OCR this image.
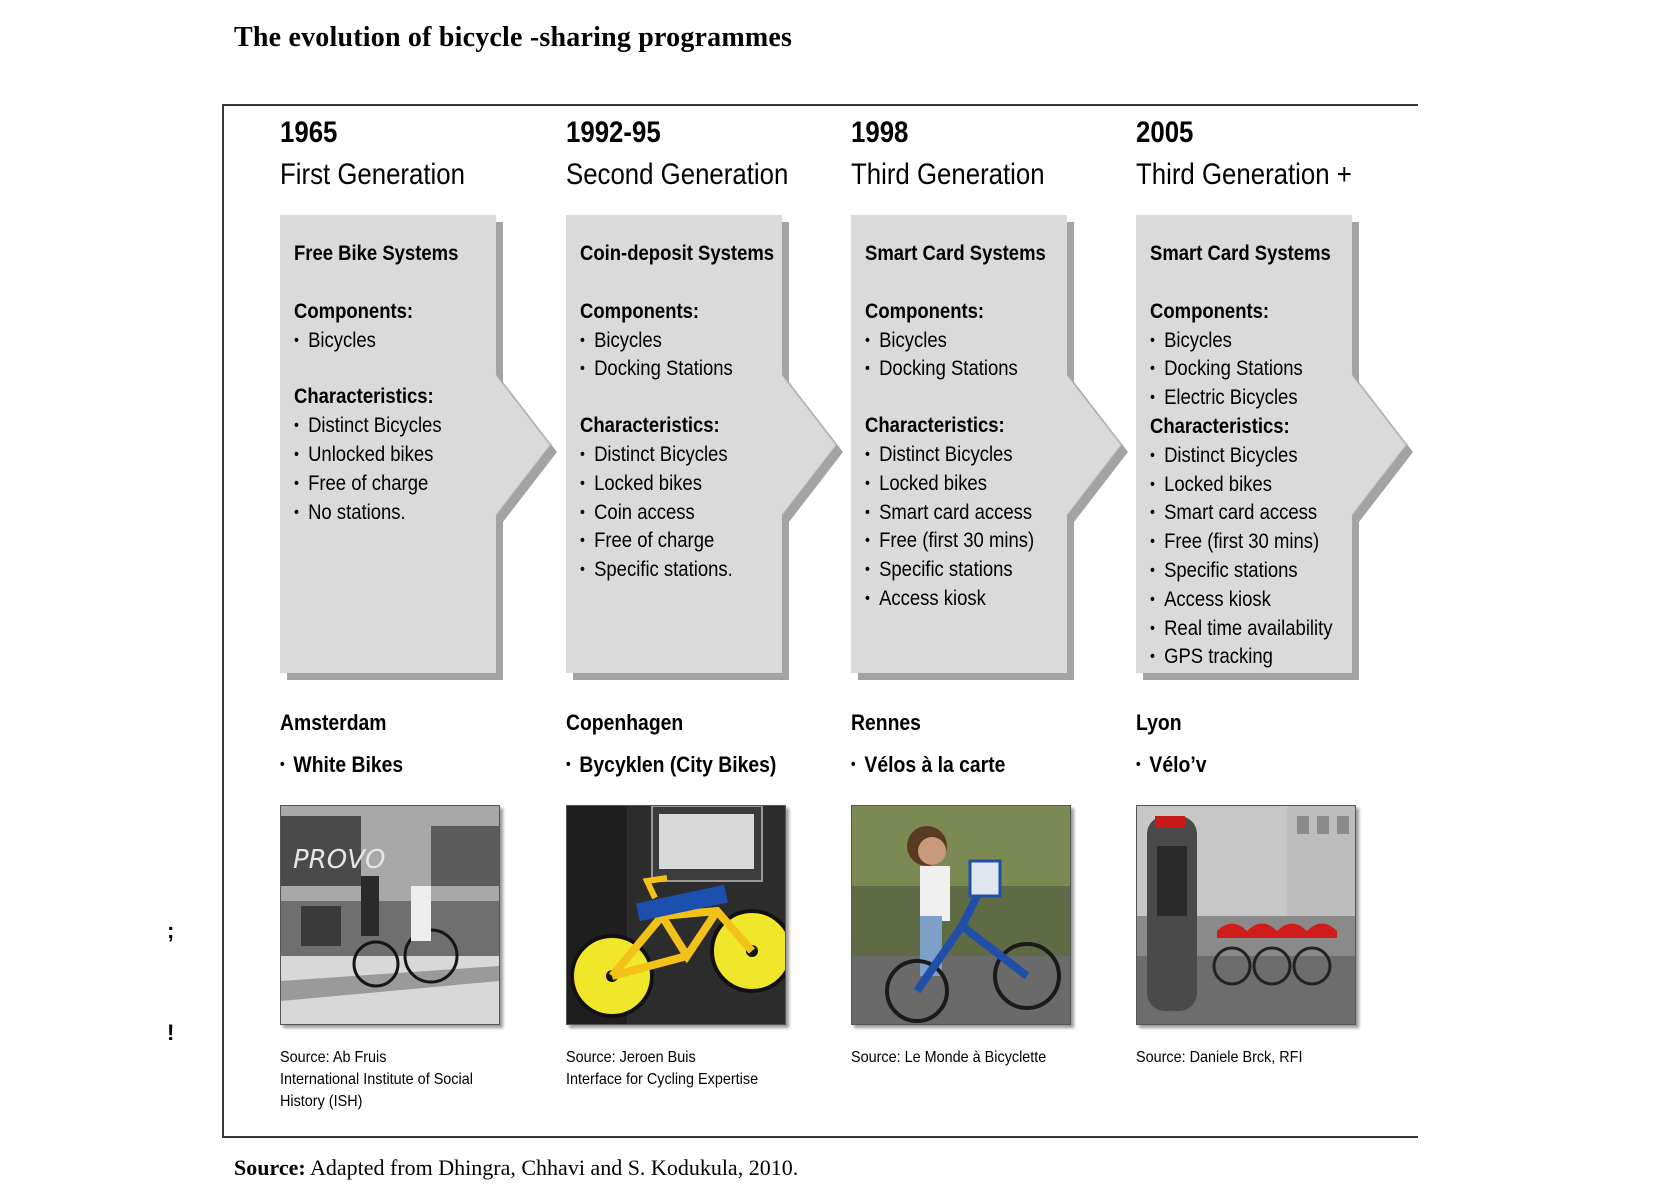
The evolution of bicycle -sharing programmes
1965
First Generation
Free Bike Systems
Components:
• Bicycles
Characteristics:
• Distinct Bicycles
• Unlocked bikes
• Free of charge
• No stations.
Amsterdam
• White Bikes
PROVO
Source: Ab Fruis
International Institute of Social
History (ISH)
1992-95
Second Generation
Coin-deposit Systems
Components:
• Bicycles
• Docking Stations
Characteristics:
• Distinct Bicycles
• Locked bikes
• Coin access
• Free of charge
• Specific stations.
Copenhagen
• Bycyklen (City Bikes)
Source: Jeroen Buis
Interface for Cycling Expertise
1998
Third Generation
Smart Card Systems
Components:
• Bicycles
• Docking Stations
Characteristics:
• Distinct Bicycles
• Locked bikes
• Smart card access
• Free (first 30 mins)
• Specific stations
• Access kiosk
Rennes
• Vélos à la carte
Source: Le Monde à Bicyclette
2005
Third Generation +
Smart Card Systems
Components:
• Bicycles
• Docking Stations
• Electric Bicycles
Characteristics:
• Distinct Bicycles
• Locked bikes
• Smart card access
• Free (first 30 mins)
• Specific stations
• Access kiosk
• Real time availability
• GPS tracking
Lyon
• Vélo’v
Source: Daniele Brck, RFI
;
!
Source: Adapted from Dhingra, Chhavi and S. Kodukula, 2010.
